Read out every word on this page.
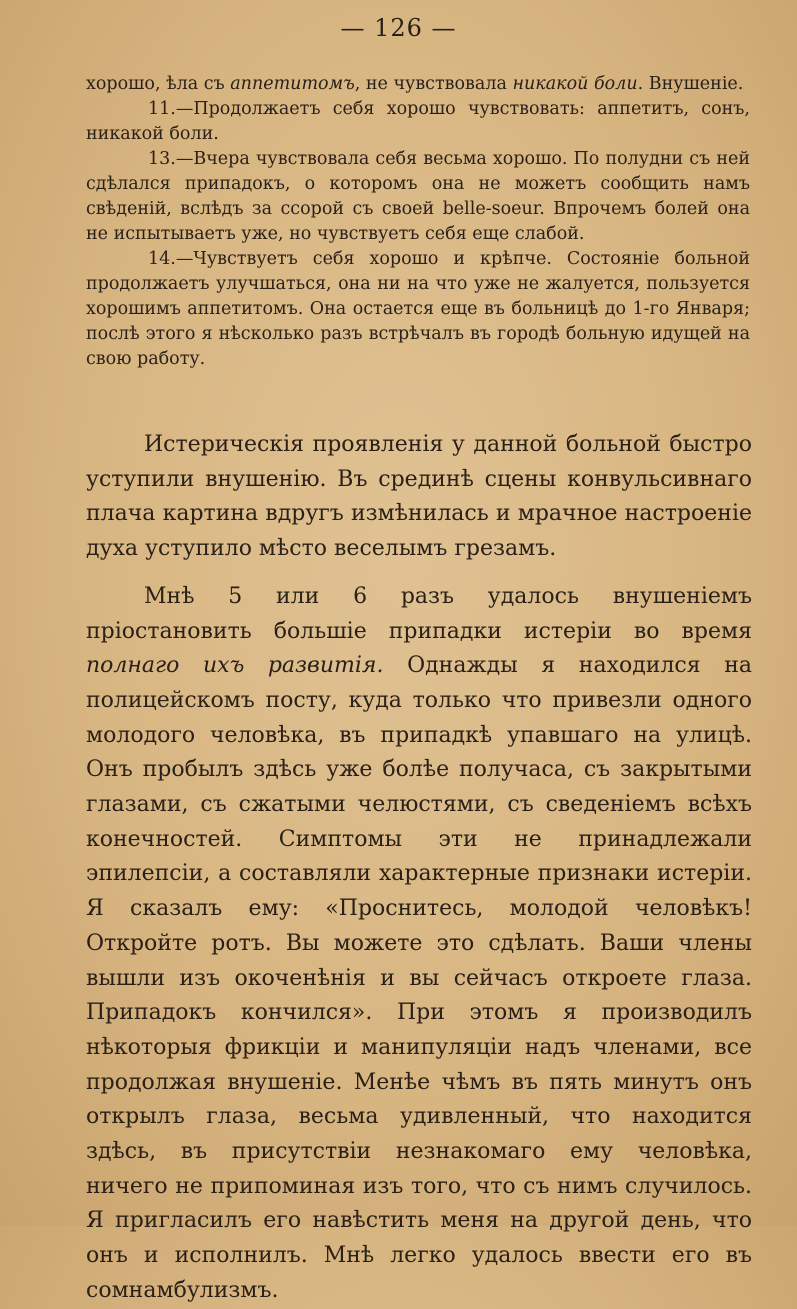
— 126 —

хорошо, ѣла съ аппетитомъ, не чувствовала никакой боли. Внушеніе.

11.—Продолжаетъ себя хорошо чувствовать: аппетитъ, сонъ, никакой боли.

13.—Вчера чувствовала себя весьма хорошо. По полудни съ ней сдѣлался припадокъ, о которомъ она не можетъ сообщить намъ свѣденій, вслѣдъ за ссорой съ своей belle-soeur. Впрочемъ болей она не испытываетъ уже, но чувствуетъ себя еще слабой.

14.—Чувствуетъ себя хорошо и крѣпче. Состояніе больной продолжаетъ улучшаться, она ни на что уже не жалуется, пользуется хорошимъ аппетитомъ. Она остается еще въ больницѣ до 1-го Января; послѣ этого я нѣсколько разъ встрѣчалъ въ городѣ больную идущей на свою работу.

Истерическія проявленія у данной больной быстро уступили внушенію. Въ срединѣ сцены конвульсивнаго плача картина вдругъ измѣнилась и мрачное настроеніе духа уступило мѣсто веселымъ грезамъ.

Мнѣ 5 или 6 разъ удалось внушеніемъ пріостановить большіе припадки истеріи во время полнаго ихъ развитія. Однажды я находился на полицейскомъ посту, куда только что привезли одного молодого человѣка, въ припадкѣ упавшаго на улицѣ. Онъ пробылъ здѣсь уже болѣе получаса, съ закрытыми глазами, съ сжатыми челюстями, съ сведеніемъ всѣхъ конечностей. Симптомы эти не принадлежали эпилепсіи, а составляли характерные признаки истеріи. Я сказалъ ему: «Проснитесь, молодой человѣкъ! Откройте ротъ. Вы можете это сдѣлать. Ваши члены вышли изъ окоченѣнія и вы сейчасъ откроете глаза. Припадокъ кончился». При этомъ я производилъ нѣкоторыя фрикціи и манипуляціи надъ членами, все продолжая внушеніе. Менѣе чѣмъ въ пять минутъ онъ открылъ глаза, весьма удивленный, что находится здѣсь, въ присутствіи незнакомаго ему человѣка, ничего не припоминая изъ того, что съ нимъ случилось. Я пригласилъ его навѣстить меня на другой день, что онъ и исполнилъ. Мнѣ легко удалось ввести его въ сомнамбулизмъ.
